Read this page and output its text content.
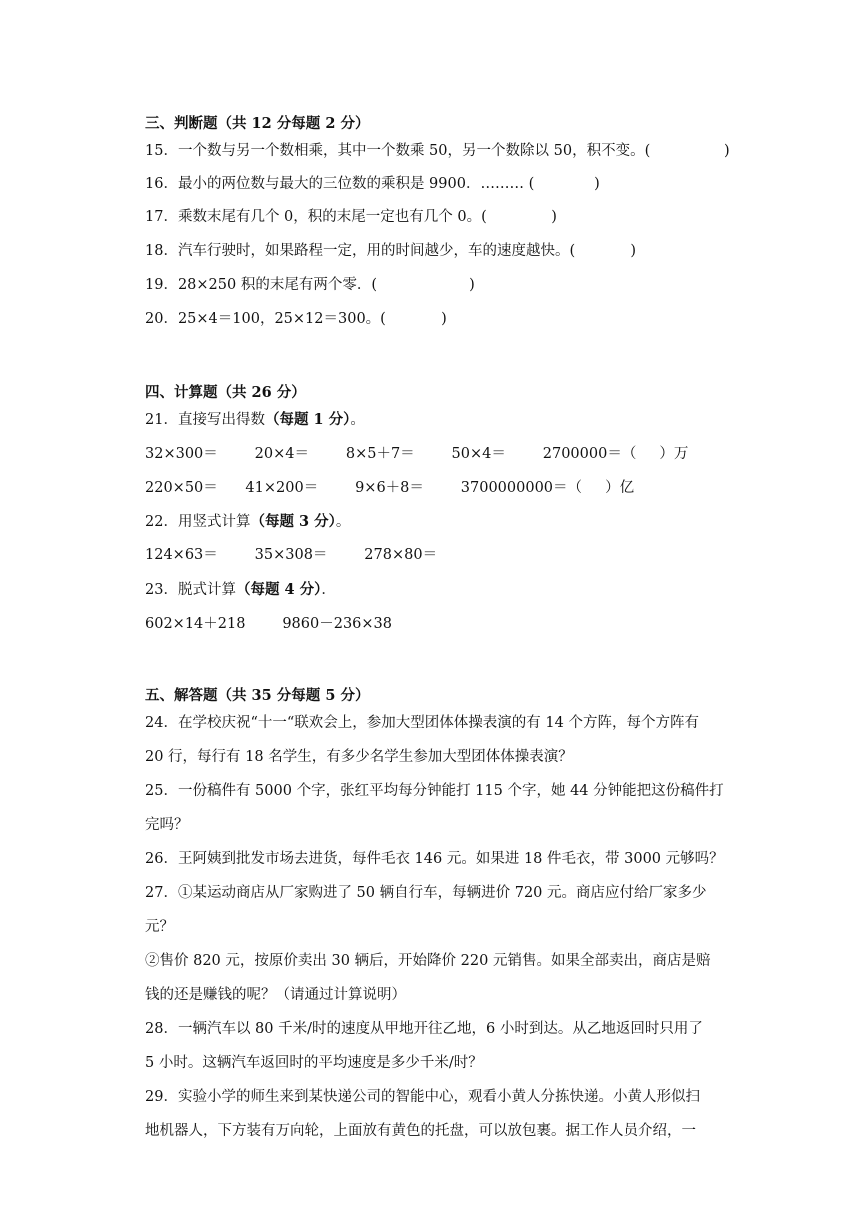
三、判断题（共 12 分每题 2 分）
15．一个数与另一个数相乘，其中一个数乘 50，另一个数除以 50，积不变。(                )
16．最小的两位数与最大的三位数的乘积是 9900．……… (             )
17．乘数末尾有几个 0，积的末尾一定也有几个 0。(              )
18．汽车行驶时，如果路程一定，用的时间越少，车的速度越快。(            )
19．28×250 积的末尾有两个零．(                    )
20．25×4＝100，25×12＝300。(            )
四、计算题（共 26 分）
21．直接写出得数（每题 1 分）。
32×300＝        20×4＝        8×5＋7＝        50×4＝        2700000＝（     ）万
220×50＝      41×200＝        9×6＋8＝        3700000000＝（     ）亿
22．用竖式计算（每题 3 分）。
124×63＝        35×308＝        278×80＝
23．脱式计算（每题 4 分）．
602×14＋218        9860－236×38
五、解答题（共 35 分每题 5 分）
24．在学校庆祝“十一“联欢会上，参加大型团体体操表演的有 14 个方阵，每个方阵有
20 行，每行有 18 名学生，有多少名学生参加大型团体体操表演？
25．一份稿件有 5000 个字，张红平均每分钟能打 115 个字，她 44 分钟能把这份稿件打
完吗？
26．王阿姨到批发市场去进货，每件毛衣 146 元。如果进 18 件毛衣，带 3000 元够吗？
27．①某运动商店从厂家购进了 50 辆自行车，每辆进价 720 元。商店应付给厂家多少
元？
②售价 820 元，按原价卖出 30 辆后，开始降价 220 元销售。如果全部卖出，商店是赔
钱的还是赚钱的呢？（请通过计算说明）
28．一辆汽车以 80 千米/时的速度从甲地开往乙地，6 小时到达。从乙地返回时只用了
5 小时。这辆汽车返回时的平均速度是多少千米/时？
29．实验小学的师生来到某快递公司的智能中心，观看小黄人分拣快递。小黄人形似扫
地机器人，下方装有万向轮，上面放有黄色的托盘，可以放包裹。据工作人员介绍，一
